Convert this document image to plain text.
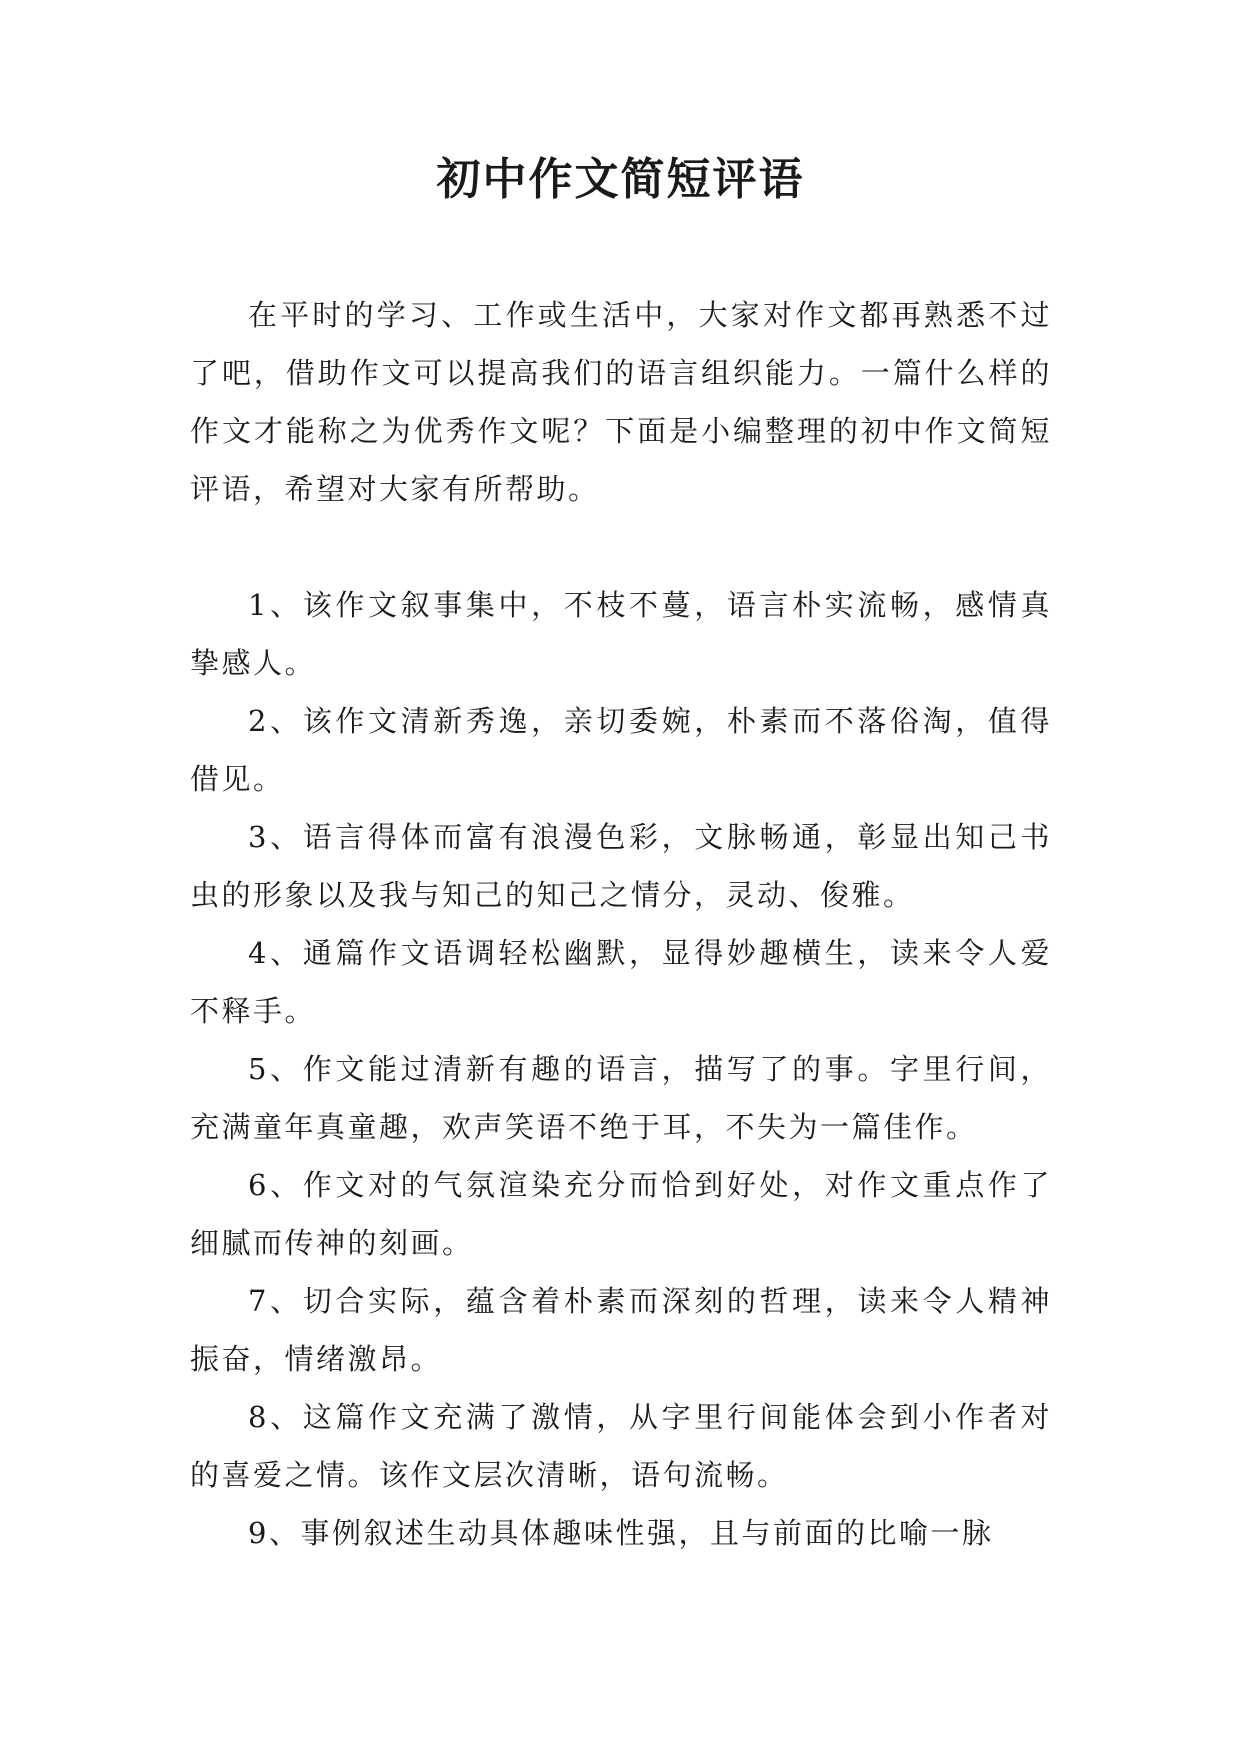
初中作文简短评语

在平时的学习、工作或生活中，大家对作文都再熟悉不过了吧，借助作文可以提高我们的语言组织能力。一篇什么样的作文才能称之为优秀作文呢？下面是小编整理的初中作文简短评语，希望对大家有所帮助。

1、该作文叙事集中，不枝不蔓，语言朴实流畅，感情真挚感人。

2、该作文清新秀逸，亲切委婉，朴素而不落俗淘，值得借见。

3、语言得体而富有浪漫色彩，文脉畅通，彰显出知己书虫的形象以及我与知己的知己之情分，灵动、俊雅。

4、通篇作文语调轻松幽默，显得妙趣横生，读来令人爱不释手。

5、作文能过清新有趣的语言，描写了的事。字里行间，充满童年真童趣，欢声笑语不绝于耳，不失为一篇佳作。

6、作文对的气氛渲染充分而恰到好处，对作文重点作了细腻而传神的刻画。

7、切合实际，蕴含着朴素而深刻的哲理，读来令人精神振奋，情绪激昂。

8、这篇作文充满了激情，从字里行间能体会到小作者对的喜爱之情。该作文层次清晰，语句流畅。

9、事例叙述生动具体趣味性强，且与前面的比喻一脉
